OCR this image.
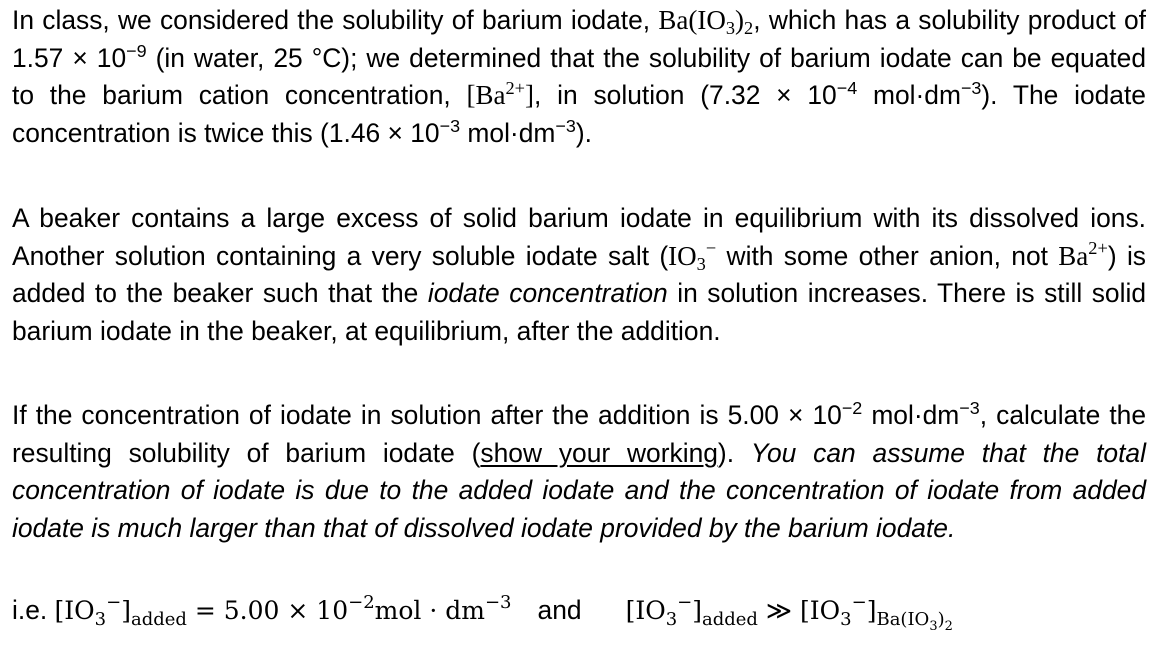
In class, we considered the solubility of barium iodate, $Ba(IO_3)_2$, which has a solubility product of $1.57 \times 10^{-9}$ (in water, 25 °C); we determined that the solubility of barium iodate can be equated to the barium cation concentration, $[Ba^{2+}]$, in solution ($7.32 \times 10^{-4}$ $mol\cdot dm^{-3}$). The iodate concentration is twice this ($1.46 \times 10^{-3}$ $mol\cdot dm^{-3}$).

A beaker contains a large excess of solid barium iodate in equilibrium with its dissolved ions. Another solution containing a very soluble iodate salt ($IO_3^-$ with some other anion, not $Ba^{2+}$) is added to the beaker such that the iodate concentration in solution increases. There is still solid barium iodate in the beaker, at equilibrium, after the addition.

If the concentration of iodate in solution after the addition is $5.00 \times 10^{-2}$ $mol\cdot dm^{-3}$, calculate the resulting solubility of barium iodate (show your working). You can assume that the total concentration of iodate is due to the added iodate and the concentration of iodate from added iodate is much larger than that of dissolved iodate provided by the barium iodate.

i.e. $[IO_3^-]_{added} = 5.00 \times 10^{-2}mol \cdot dm^{-3}$ and $[IO_3^-]_{added}$ ≫ $[IO_3^-]_{Ba(IO_3)_2}$
